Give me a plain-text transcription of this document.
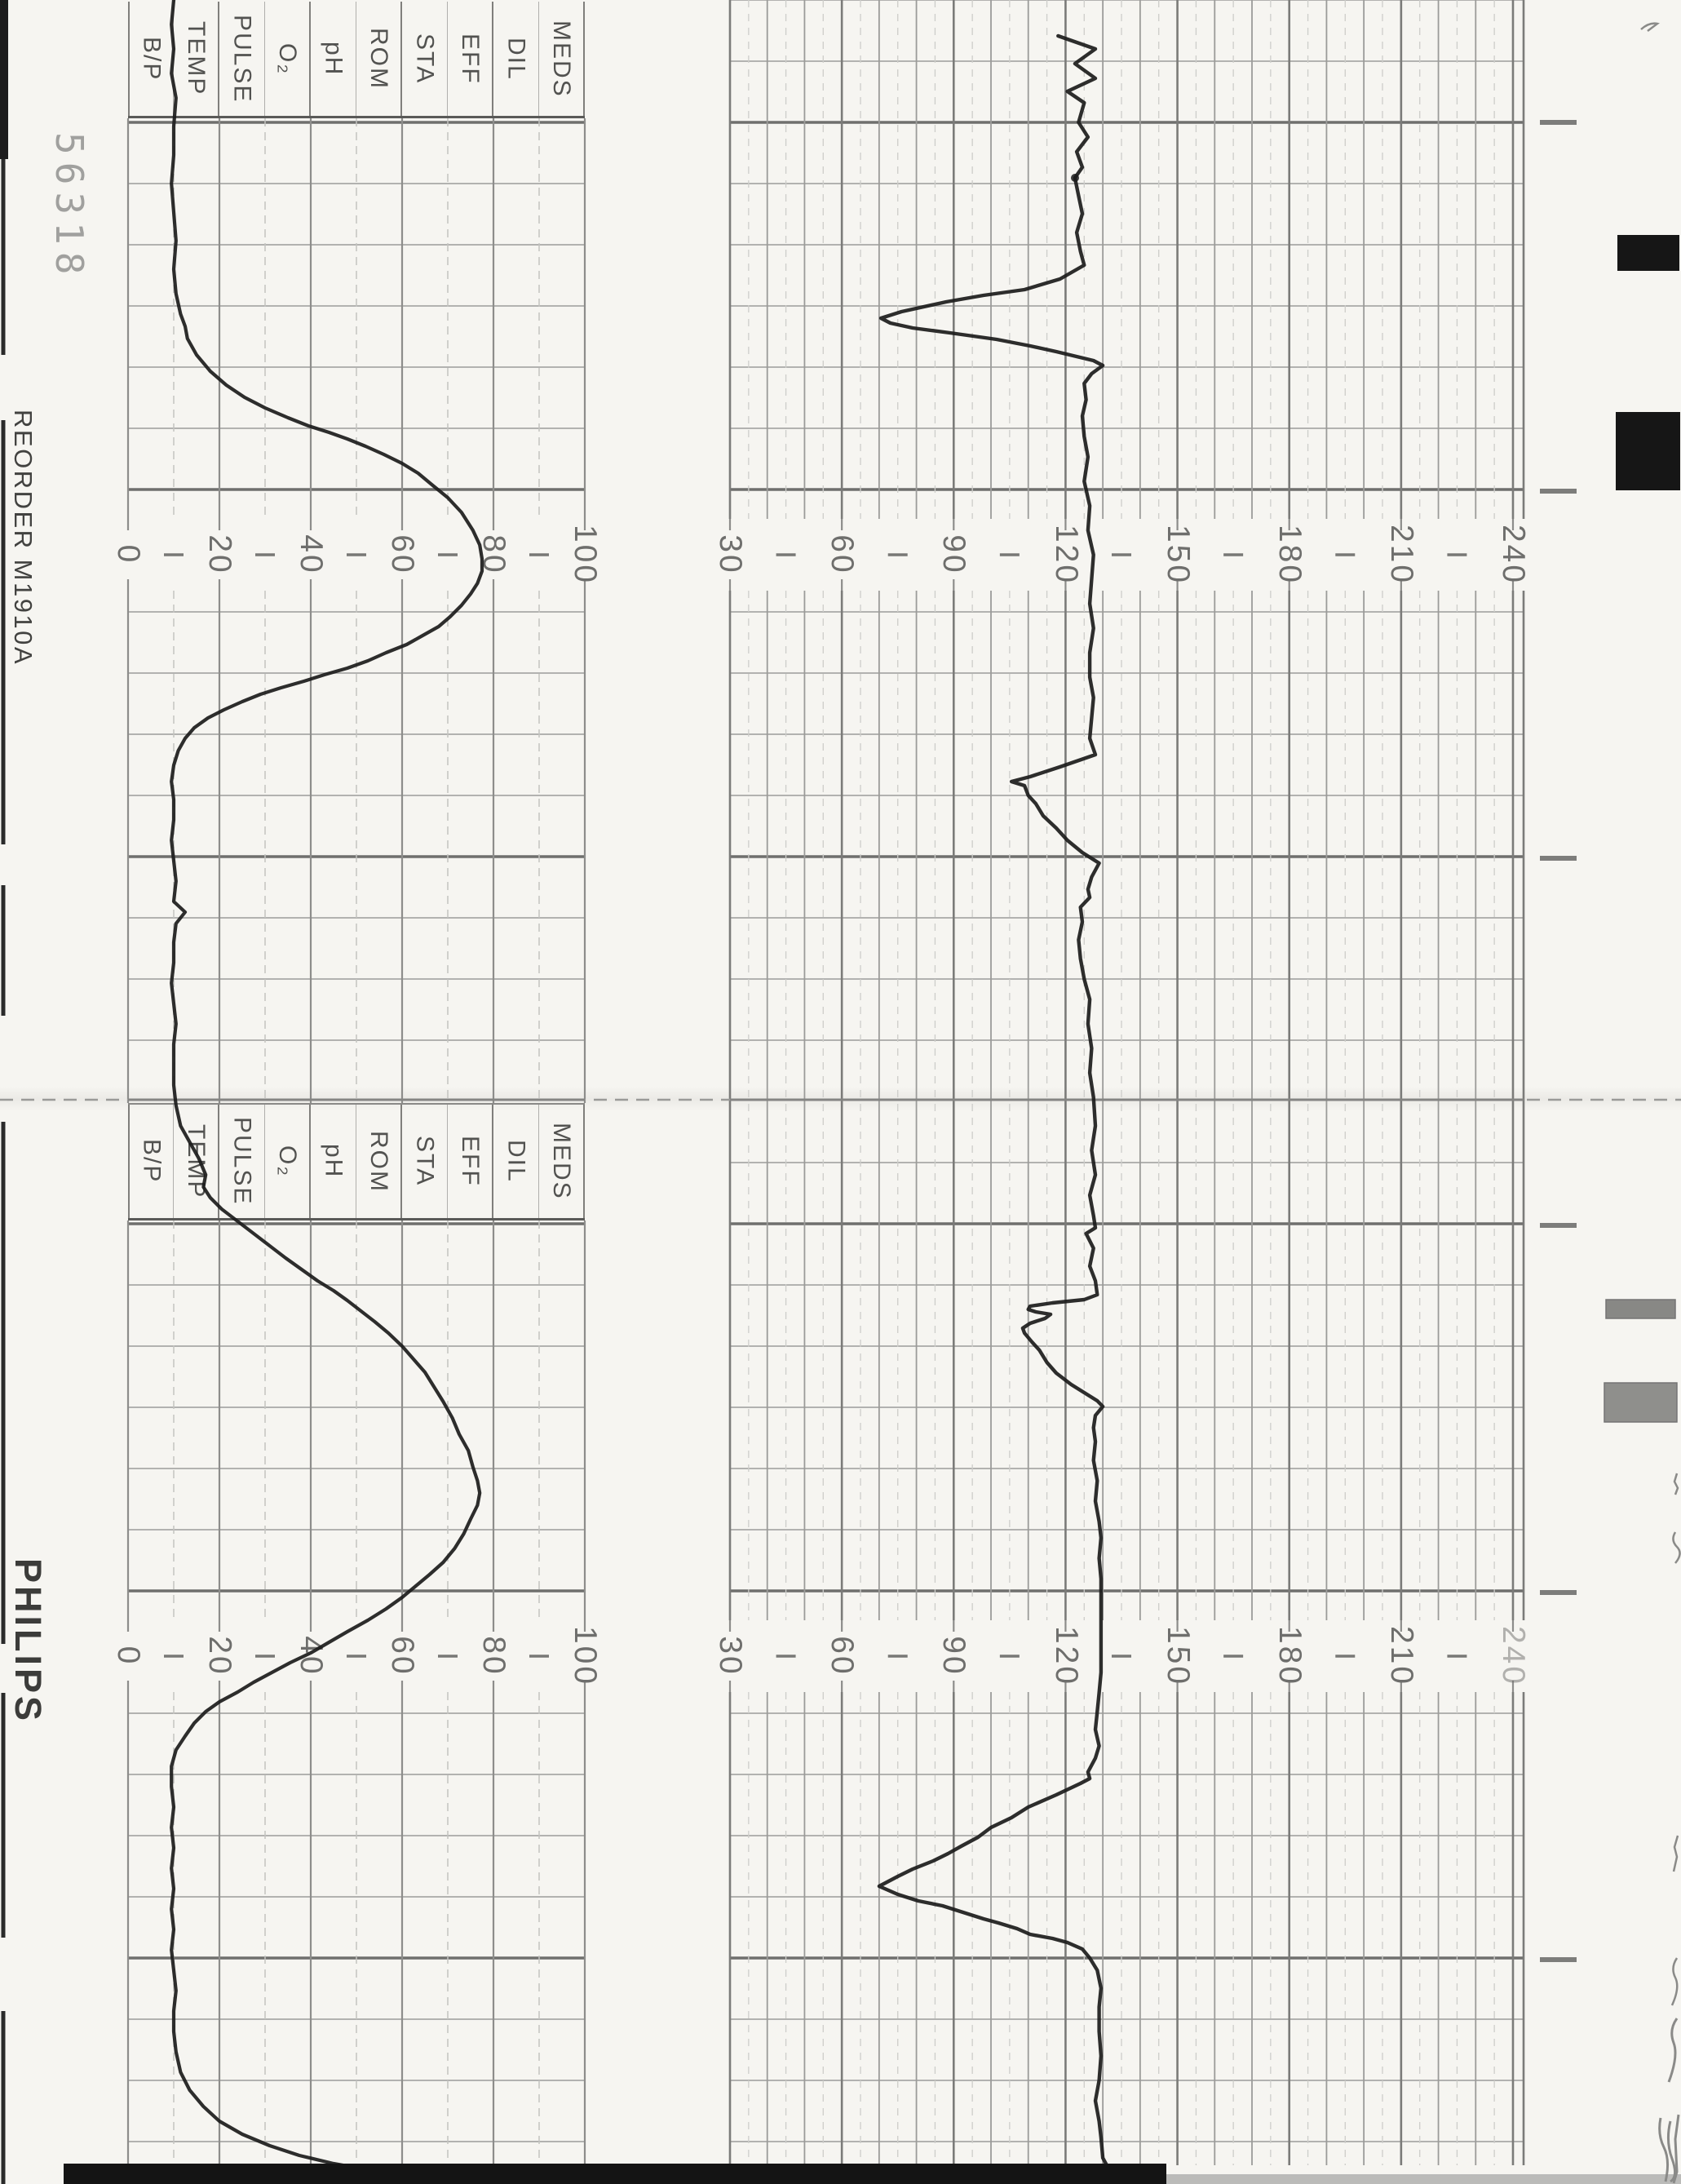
B/P TEMP PULSE O₂ pH ROM STA EFF DIL MEDS
B/P TEMP PULSE O₂ pH ROM STA EFF DIL MEDS
0 20 40 60 80 100	30 60 90 120 150 180 210 240
0 20 40 60 80 100	30 60 90 120 150 180 210 240
56318
REORDER M1910A
PHILIPS
